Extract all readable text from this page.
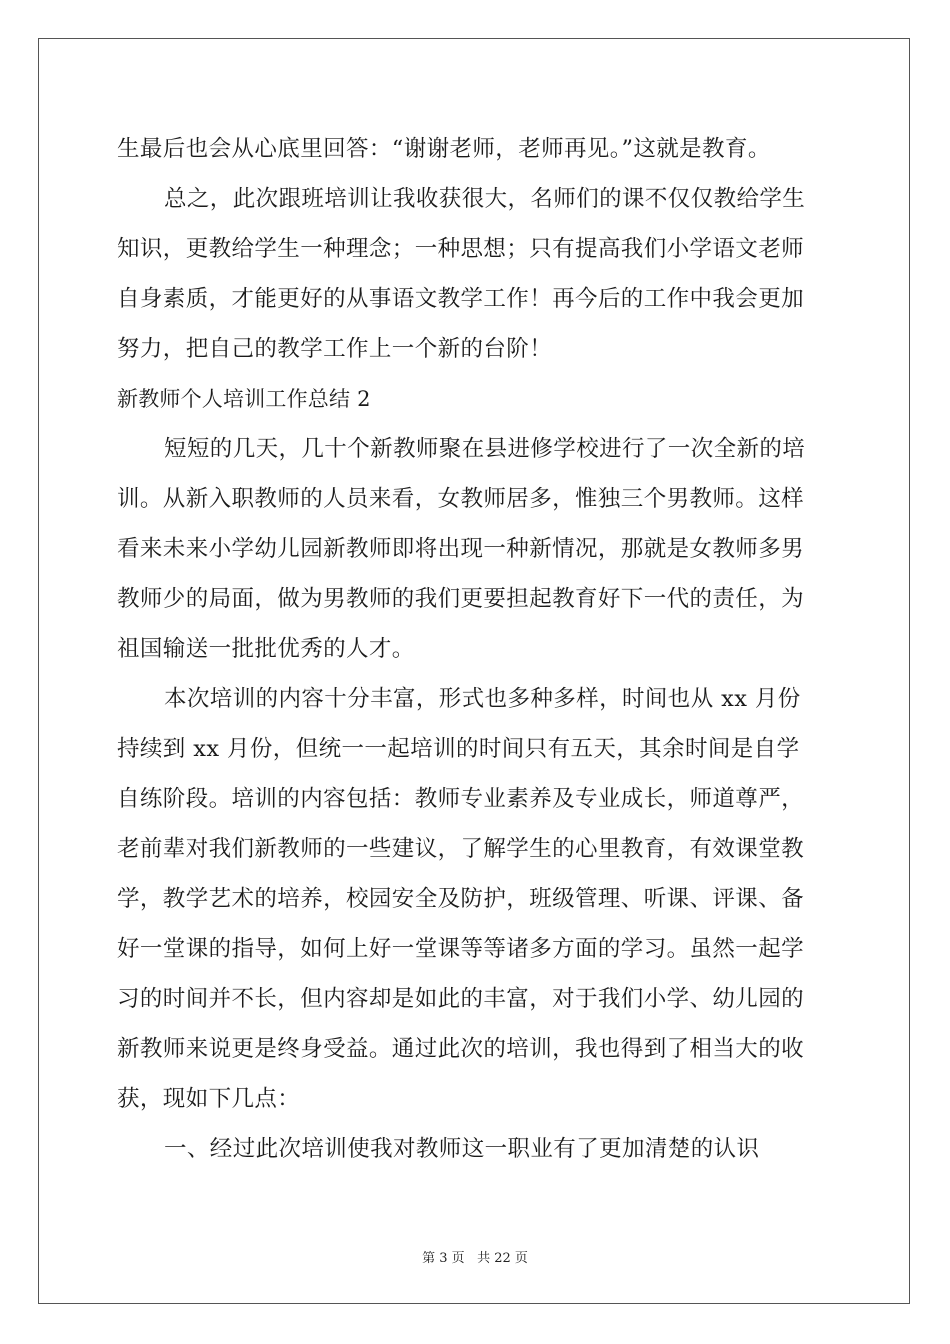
生最后也会从心底里回答：“谢谢老师，老师再见。”这就是教育。
总之，此次跟班培训让我收获很大，名师们的课不仅仅教给学生
知识，更教给学生一种理念；一种思想；只有提高我们小学语文老师
自身素质，才能更好的从事语文教学工作！再今后的工作中我会更加
努力，把自己的教学工作上一个新的台阶！
新教师个人培训工作总结 2
短短的几天，几十个新教师聚在县进修学校进行了一次全新的培
训。从新入职教师的人员来看，女教师居多，惟独三个男教师。这样
看来未来小学幼儿园新教师即将出现一种新情况，那就是女教师多男
教师少的局面，做为男教师的我们更要担起教育好下一代的责任，为
祖国输送一批批优秀的人才。
本次培训的内容十分丰富，形式也多种多样，时间也从 xx 月份
持续到 xx 月份，但统一一起培训的时间只有五天，其余时间是自学
自练阶段。培训的内容包括：教师专业素养及专业成长，师道尊严，
老前辈对我们新教师的一些建议，了解学生的心里教育，有效课堂教
学，教学艺术的培养，校园安全及防护，班级管理、听课、评课、备
好一堂课的指导，如何上好一堂课等等诸多方面的学习。虽然一起学
习的时间并不长，但内容却是如此的丰富，对于我们小学、幼儿园的
新教师来说更是终身受益。通过此次的培训，我也得到了相当大的收
获，现如下几点：
一、经过此次培训使我对教师这一职业有了更加清楚的认识
第 3 页 共 22 页
